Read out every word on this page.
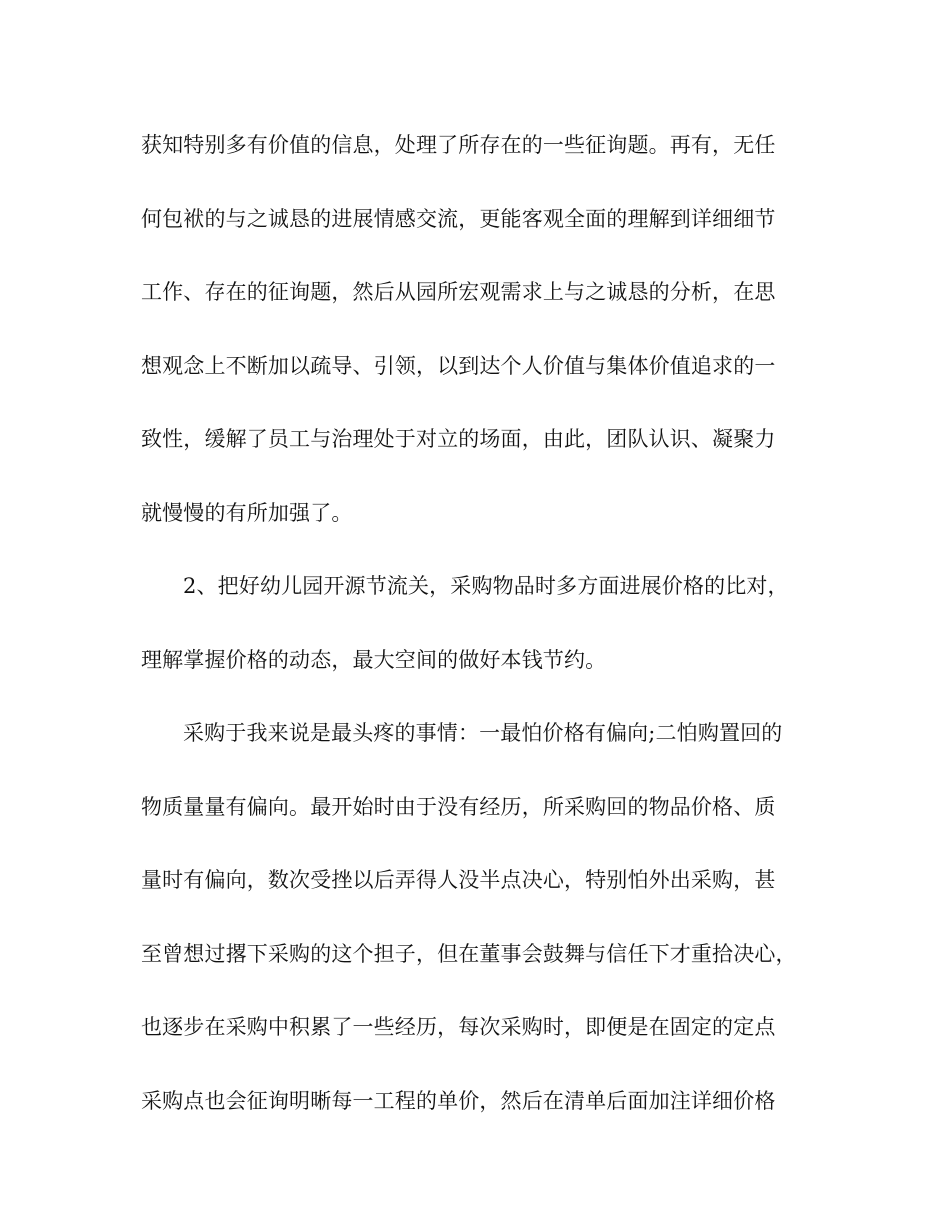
获知特别多有价值的信息，处理了所存在的一些征询题。再有，无任
何包袱的与之诚恳的进展情感交流，更能客观全面的理解到详细细节
工作、存在的征询题，然后从园所宏观需求上与之诚恳的分析，在思
想观念上不断加以疏导、引领，以到达个人价值与集体价值追求的一
致性，缓解了员工与治理处于对立的场面，由此，团队认识、凝聚力
就慢慢的有所加强了。
2、把好幼儿园开源节流关，采购物品时多方面进展价格的比对，
理解掌握价格的动态，最大空间的做好本钱节约。
采购于我来说是最头疼的事情：一最怕价格有偏向;二怕购置回的
物质量量有偏向。最开始时由于没有经历，所采购回的物品价格、质
量时有偏向，数次受挫以后弄得人没半点决心，特别怕外出采购，甚
至曾想过撂下采购的这个担子，但在董事会鼓舞与信任下才重拾决心，
也逐步在采购中积累了一些经历，每次采购时，即便是在固定的定点
采购点也会征询明晰每一工程的单价，然后在清单后面加注详细价格
